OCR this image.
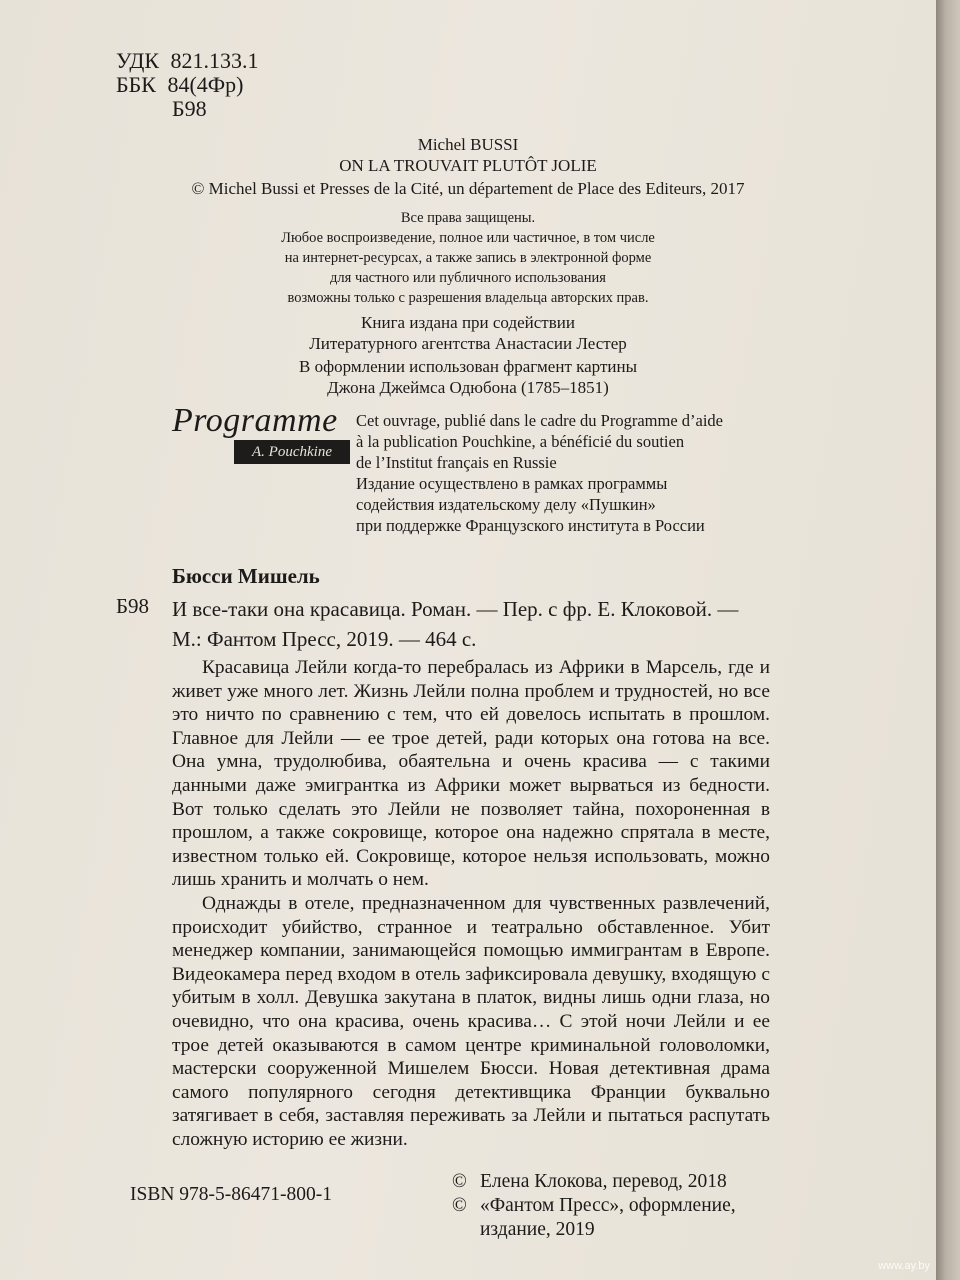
УДК 821.133.1
ББК 84(4Фр)
Б98
Michel BUSSI
ON LA TROUVAIT PLUTÔT JOLIE
© Michel Bussi et Presses de la Cité, un département de Place des Editeurs, 2017
Все права защищены.
Любое воспроизведение, полное или частичное, в том числе
на интернет-ресурсах, а также запись в электронной форме
для частного или публичного использования
возможны только с разрешения владельца авторских прав.
Книга издана при содействии
Литературного агентства Анастасии Лестер
В оформлении использован фрагмент картины
Джона Джеймса Одюбона (1785–1851)
Programme
A. Pouchkine
Cet ouvrage, publié dans le cadre du Programme d’aide
à la publication Pouchkine, a bénéficié du soutien
de l’Institut français en Russie
Издание осуществлено в рамках программы
содействия издательскому делу «Пушкин»
при поддержке Французского института в России
Бюсси Мишель
Б98 И все-таки она красавица. Роман. — Пер. с фр. Е. Клоковой. —
М.: Фантом Пресс, 2019. — 464 с.

Красавица Лейли когда-то перебралась из Африки в Марсель, где и живет уже много лет. Жизнь Лейли полна проблем и трудностей, но все это ничто по сравнению с тем, что ей довелось испытать в прошлом. Главное для Лейли — ее трое детей, ради которых она готова на все. Она умна, трудолюбива, обаятельна и очень красива — с такими данными даже эмигрантка из Африки может вырваться из бедности. Вот только сделать это Лейли не позволяет тайна, похороненная в прошлом, а также сокровище, которое она надежно спрятала в месте, известном только ей. Сокровище, которое нельзя использовать, можно лишь хранить и молчать о нем.

Однажды в отеле, предназначенном для чувственных развлечений, происходит убийство, странное и театрально обставленное. Убит менеджер компании, занимающейся помощью иммигрантам в Европе. Видеокамера перед входом в отель зафиксировала девушку, входящую с убитым в холл. Девушка закутана в платок, видны лишь одни глаза, но очевидно, что она красива, очень красива… С этой ночи Лейли и ее трое детей оказываются в самом центре криминальной головоломки, мастерски сооруженной Мишелем Бюсси. Новая детективная драма самого популярного сегодня детективщика Франции буквально затягивает в себя, заставляя переживать за Лейли и пытаться распутать сложную историю ее жизни.

ISBN 978-5-86471-800-1
© Елена Клокова, перевод, 2018
© «Фантом Пресс», оформление,
издание, 2019
www.ay.by
